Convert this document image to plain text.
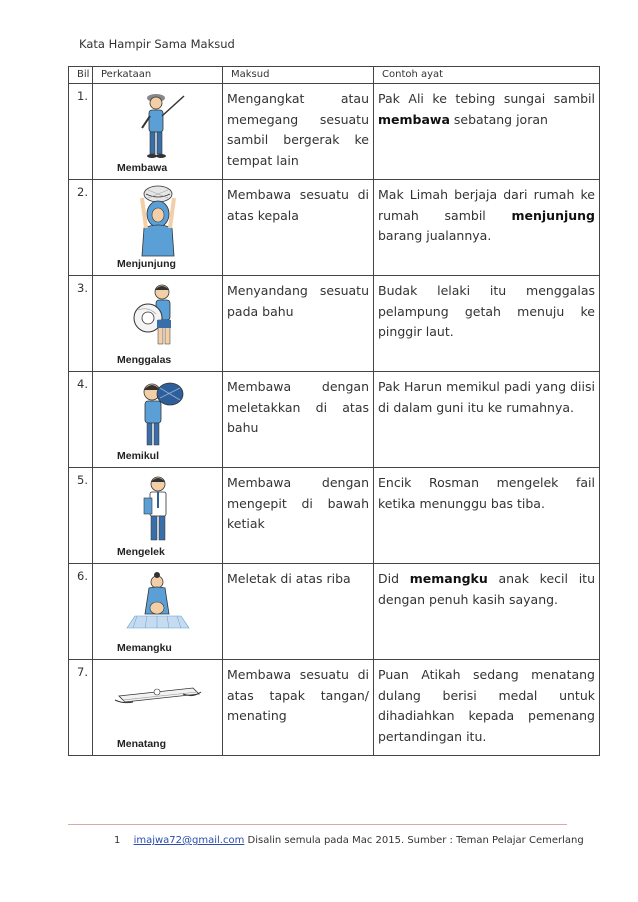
Kata Hampir Sama Maksud
Bil	Perkataan	Maksud	Contoh ayat
1.	Membawa	Mengangkat atau memegang sesuatu sambil bergerak ke tempat lain	Pak Ali ke tebing sungai sambil membawa sebatang joran
2.	Menjunjung	Membawa sesuatu di atas kepala	Mak Limah berjaja dari rumah ke rumah sambil menjunjung barang jualannya.
3.	Menggalas	Menyandang sesuatu pada bahu	Budak lelaki itu menggalas pelampung getah menuju ke pinggir laut.
4.	Memikul	Membawa dengan meletakkan di atas bahu	Pak Harun memikul padi yang diisi di dalam guni itu ke rumahnya.
5.	Mengelek	Membawa dengan mengepit di bawah ketiak	Encik Rosman mengelek fail ketika menunggu bas tiba.
6.	Memangku	Meletak di atas riba	Did memangku anak kecil itu dengan penuh kasih sayang.
7.	Menatang	Membawa sesuatu di atas tapak tangan/ menating	Puan Atikah sedang menatang dulang berisi medal untuk dihadiahkan kepada pemenang pertandingan itu.
1 imajwa72@gmail.com Disalin semula pada Mac 2015. Sumber : Teman Pelajar Cemerlang
